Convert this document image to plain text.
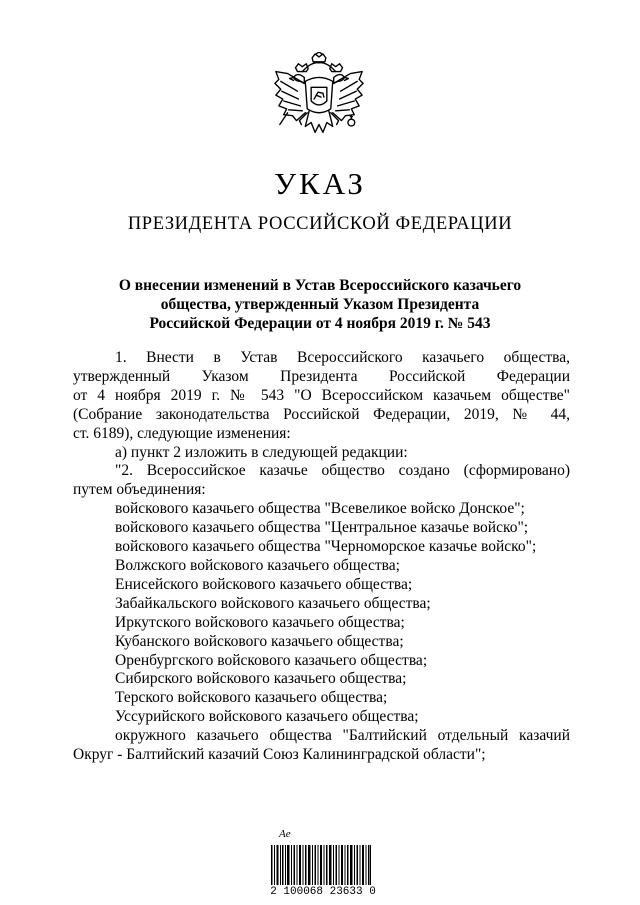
УКАЗ
ПРЕЗИДЕНТА РОССИЙСКОЙ ФЕДЕРАЦИИ
О внесении изменений в Устав Всероссийского казачьего
общества, утвержденный Указом Президента
Российской Федерации от 4 ноября 2019 г. № 543
1. Внести в Устав Всероссийского казачьего общества,
утвержденный Указом Президента Российской Федерации
от 4 ноября 2019 г. № 543 "О Всероссийском казачьем обществе"
(Собрание законодательства Российской Федерации, 2019, № 44,
ст. 6189), следующие изменения:
а) пункт 2 изложить в следующей редакции:
"2. Всероссийское казачье общество создано (сформировано)
путем объединения:
войскового казачьего общества "Всевеликое войско Донское";
войскового казачьего общества "Центральное казачье войско";
войскового казачьего общества "Черноморское казачье войско";
Волжского войскового казачьего общества;
Енисейского войскового казачьего общества;
Забайкальского войскового казачьего общества;
Иркутского войскового казачьего общества;
Кубанского войскового казачьего общества;
Оренбургского войскового казачьего общества;
Сибирского войскового казачьего общества;
Терского войскового казачьего общества;
Уссурийского войскового казачьего общества;
окружного казачьего общества "Балтийский отдельный казачий
Округ - Балтийский казачий Союз Калининградской области";
Ae
2 100068 23633 0
